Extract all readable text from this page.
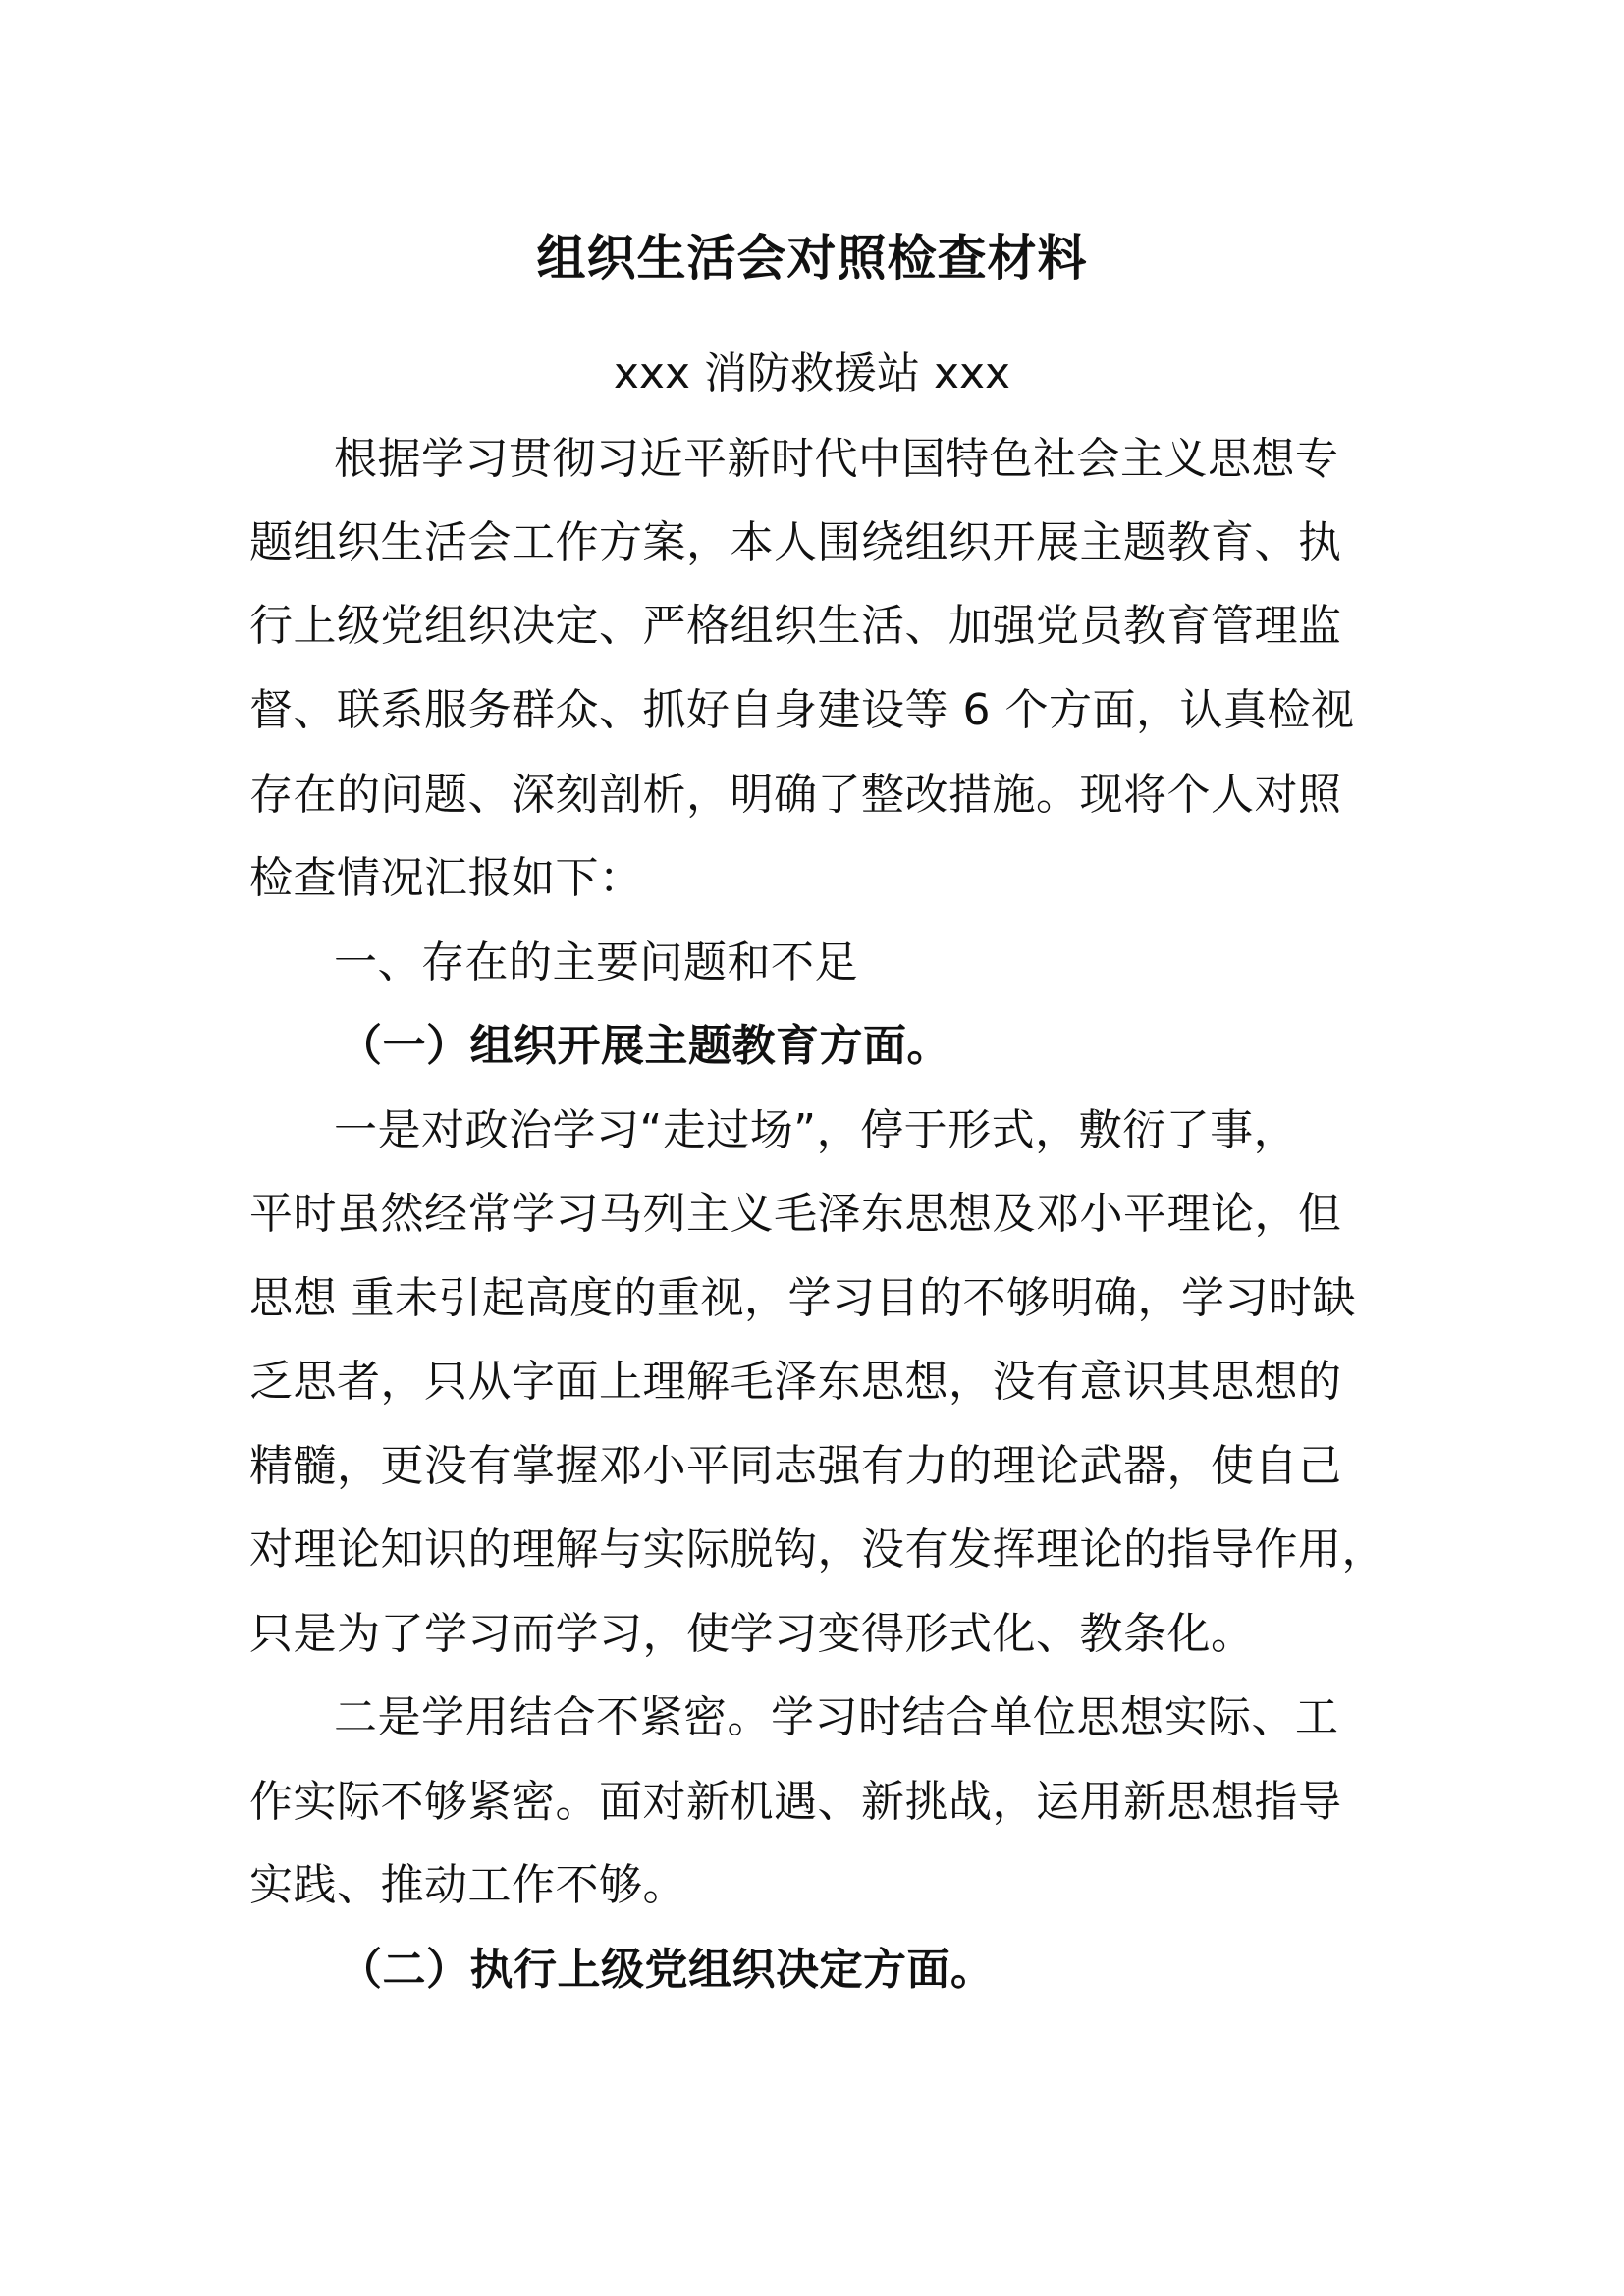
组织生活会对照检查材料
xxx 消防救援站 xxx
根据学习贯彻习近平新时代中国特色社会主义思想专
题组织生活会工作方案，本人围绕组织开展主题教育、执
行上级党组织决定、严格组织生活、加强党员教育管理监
督、联系服务群众、抓好自身建设等 6 个方面，认真检视
存在的问题、深刻剖析，明确了整改措施。现将个人对照
检查情况汇报如下：
一、存在的主要问题和不足
（一）组织开展主题教育方面。
一是对政治学习“走过场”，停于形式，敷衍了事，
平时虽然经常学习马列主义毛泽东思想及邓小平理论，但
思想 重未引起高度的重视，学习目的不够明确，学习时缺
乏思者，只从字面上理解毛泽东思想，没有意识其思想的
精髓，更没有掌握邓小平同志强有力的理论武器，使自己
对理论知识的理解与实际脱钩，没有发挥理论的指导作用，
只是为了学习而学习，使学习变得形式化、教条化。
二是学用结合不紧密。学习时结合单位思想实际、工
作实际不够紧密。面对新机遇、新挑战，运用新思想指导
实践、推动工作不够。
（二）执行上级党组织决定方面。
